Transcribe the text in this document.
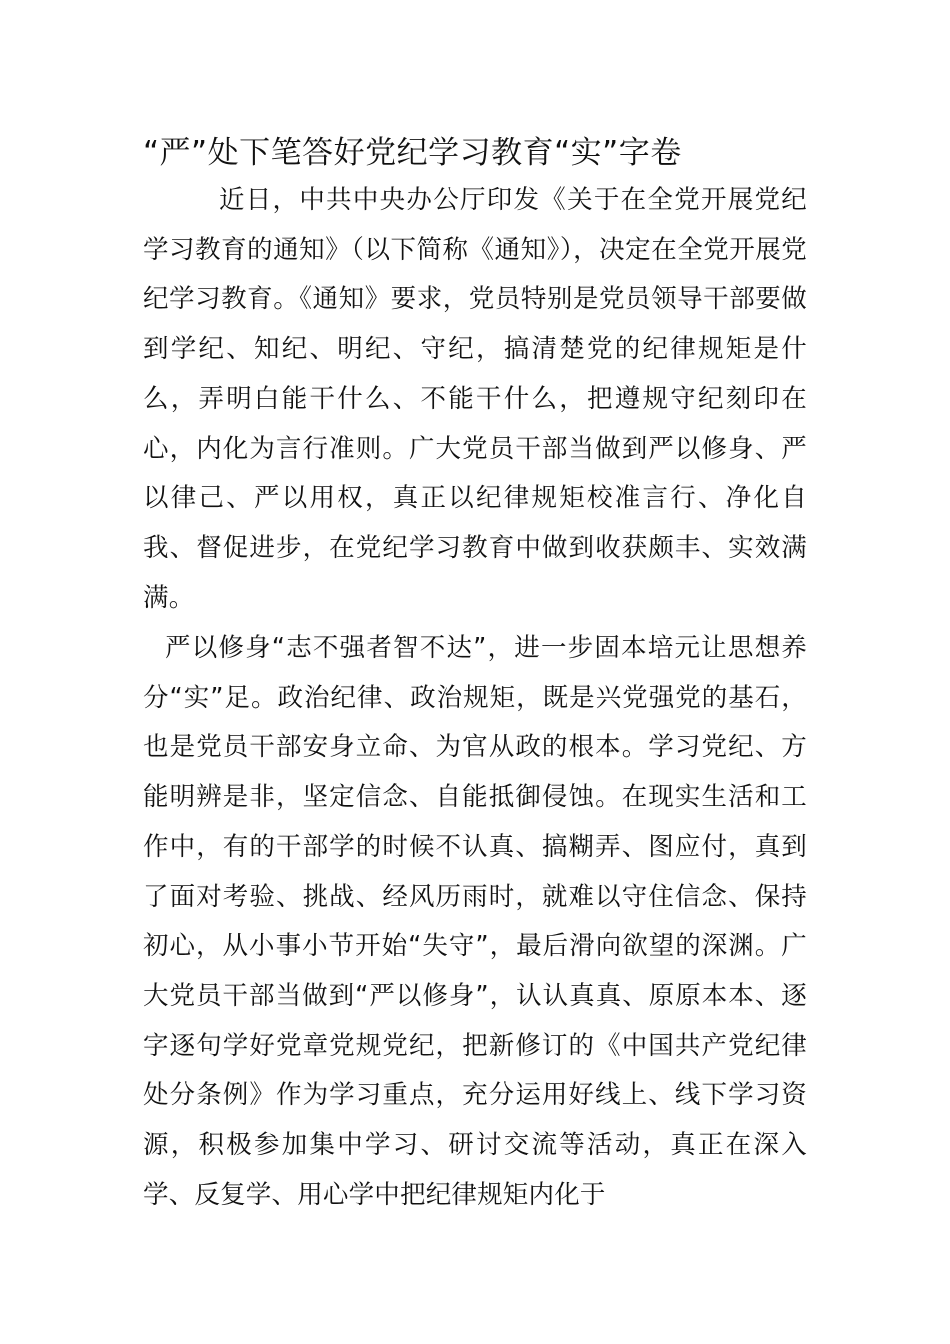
“严”处下笔答好党纪学习教育“实”字卷

近日，中共中央办公厅印发《关于在全党开展党纪学习教育的通知》（以下简称《通知》），决定在全党开展党纪学习教育。《通知》要求，党员特别是党员领导干部要做到学纪、知纪、明纪、守纪，搞清楚党的纪律规矩是什么，弄明白能干什么、不能干什么，把遵规守纪刻印在心，内化为言行准则。广大党员干部当做到严以修身、严以律己、严以用权，真正以纪律规矩校准言行、净化自我、督促进步，在党纪学习教育中做到收获颇丰、实效满满。

严以修身“志不强者智不达”，进一步固本培元让思想养分“实”足。政治纪律、政治规矩，既是兴党强党的基石，也是党员干部安身立命、为官从政的根本。学习党纪、方能明辨是非，坚定信念、自能抵御侵蚀。在现实生活和工作中，有的干部学的时候不认真、搞糊弄、图应付，真到了面对考验、挑战、经风历雨时，就难以守住信念、保持初心，从小事小节开始“失守”，最后滑向欲望的深渊。广大党员干部当做到“严以修身”，认认真真、原原本本、逐字逐句学好党章党规党纪，把新修订的《中国共产党纪律处分条例》作为学习重点，充分运用好线上、线下学习资源，积极参加集中学习、研讨交流等活动，真正在深入学、反复学、用心学中把纪律规矩内化于
